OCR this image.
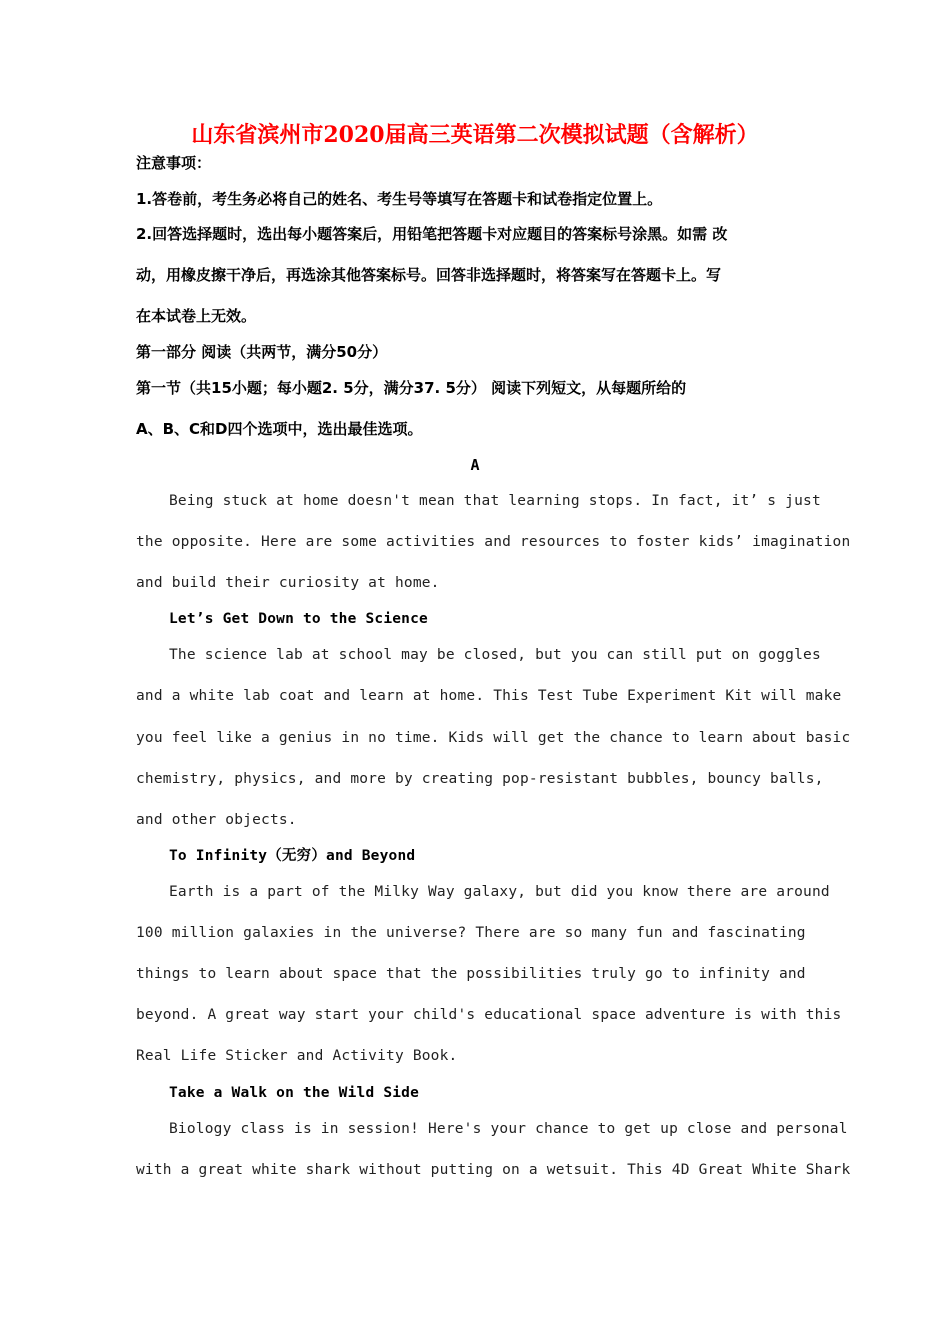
山东省滨州市2020届高三英语第二次模拟试题（含解析）
注意事项：
1.答卷前，考生务必将自己的姓名、考生号等填写在答题卡和试卷指定位置上。
2.回答选择题时，选出每小题答案后，用铅笔把答题卡对应题目的答案标号涂黑。如需 改
动，用橡皮擦干净后，再选涂其他答案标号。回答非选择题时，将答案写在答题卡上。写
在本试卷上无效。
第一部分 阅读（共两节，满分50分）
第一节（共15小题；每小题2. 5分，满分37. 5分） 阅读下列短文，从每题所给的
A、B、C和D四个选项中，选出最佳选项。
A
Being stuck at home doesn't mean that learning stops. In fact, it’ s just
the opposite. Here are some activities and resources to foster kids’ imagination
and build their curiosity at home.
Let’s Get Down to the Science
The science lab at school may be closed, but you can still put on goggles
and a white lab coat and learn at home. This Test Tube Experiment Kit will make
you feel like a genius in no time. Kids will get the chance to learn about basic
chemistry, physics, and more by creating pop-resistant bubbles, bouncy balls,
and other objects.
To Infinity（无穷）and Beyond
Earth is a part of the Milky Way galaxy, but did you know there are around
100 million galaxies in the universe? There are so many fun and fascinating
things to learn about space that the possibilities truly go to infinity and
beyond. A great way start your child's educational space adventure is with this
Real Life Sticker and Activity Book.
Take a Walk on the Wild Side
Biology class is in session! Here's your chance to get up close and personal
with a great white shark without putting on a wetsuit. This 4D Great White Shark
